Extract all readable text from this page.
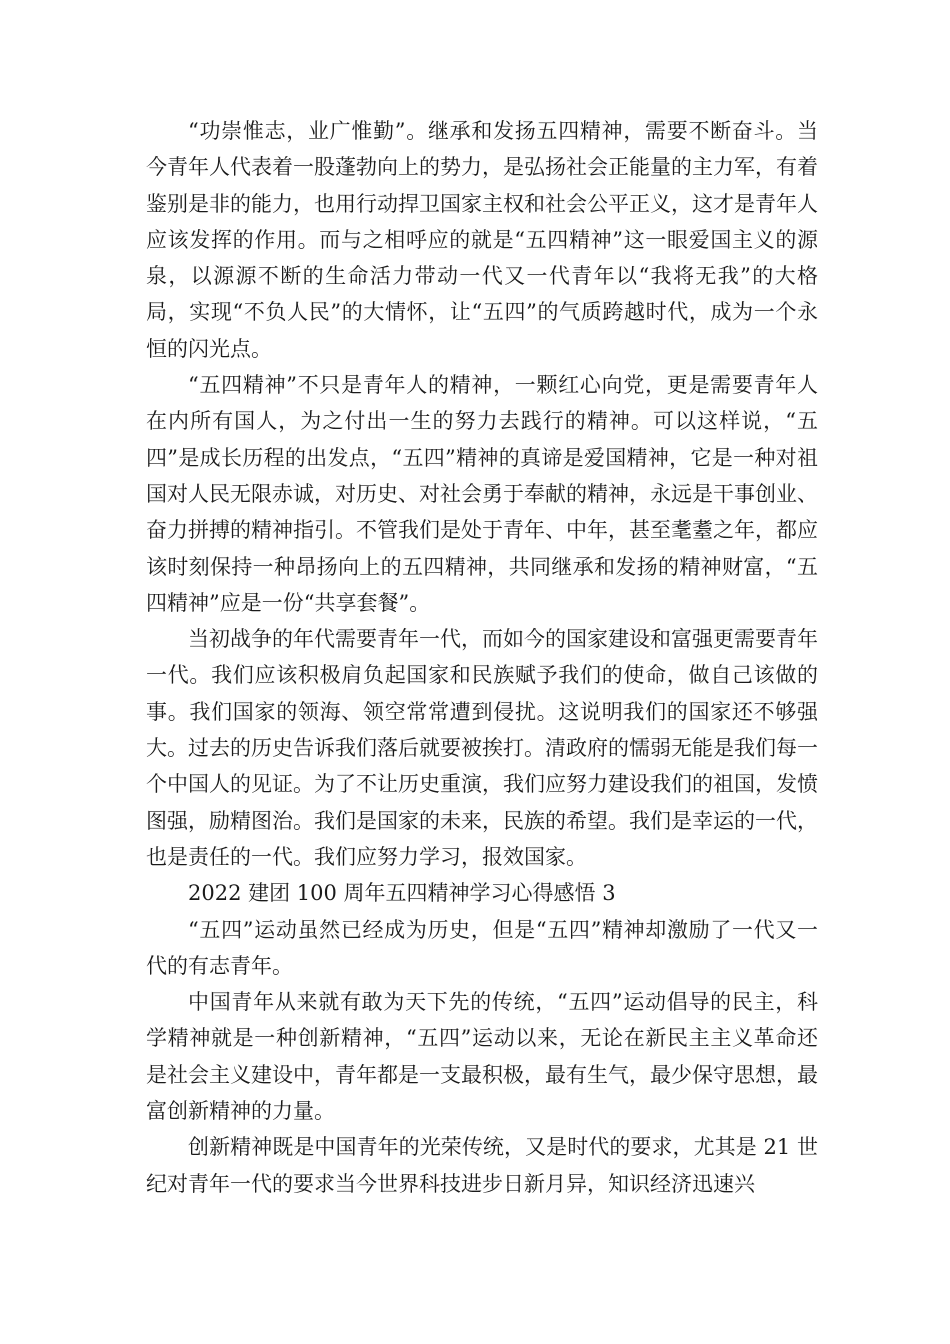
“功崇惟志，业广惟勤”。继承和发扬五四精神，需要不断奋斗。当今青年人代表着一股蓬勃向上的势力，是弘扬社会正能量的主力军，有着鉴别是非的能力，也用行动捍卫国家主权和社会公平正义，这才是青年人应该发挥的作用。而与之相呼应的就是“五四精神”这一眼爱国主义的源泉，以源源不断的生命活力带动一代又一代青年以“我将无我”的大格局，实现“不负人民”的大情怀，让“五四”的气质跨越时代，成为一个永恒的闪光点。

“五四精神”不只是青年人的精神，一颗红心向党，更是需要青年人在内所有国人，为之付出一生的努力去践行的精神。可以这样说，“五四”是成长历程的出发点，“五四”精神的真谛是爱国精神，它是一种对祖国对人民无限赤诚，对历史、对社会勇于奉献的精神，永远是干事创业、奋力拼搏的精神指引。不管我们是处于青年、中年，甚至耄耋之年，都应该时刻保持一种昂扬向上的五四精神，共同继承和发扬的精神财富，“五四精神”应是一份“共享套餐”。

当初战争的年代需要青年一代，而如今的国家建设和富强更需要青年一代。我们应该积极肩负起国家和民族赋予我们的使命，做自己该做的事。我们国家的领海、领空常常遭到侵扰。这说明我们的国家还不够强大。过去的历史告诉我们落后就要被挨打。清政府的懦弱无能是我们每一个中国人的见证。为了不让历史重演，我们应努力建设我们的祖国，发愤图强，励精图治。我们是国家的未来，民族的希望。我们是幸运的一代，也是责任的一代。我们应努力学习，报效国家。

2022 建团 100 周年五四精神学习心得感悟 3

“五四”运动虽然已经成为历史，但是“五四”精神却激励了一代又一代的有志青年。

中国青年从来就有敢为天下先的传统，“五四”运动倡导的民主，科学精神就是一种创新精神，“五四”运动以来，无论在新民主主义革命还是社会主义建设中，青年都是一支最积极，最有生气，最少保守思想，最富创新精神的力量。

创新精神既是中国青年的光荣传统，又是时代的要求，尤其是 21 世纪对青年一代的要求当今世界科技进步日新月异，知识经济迅速兴
